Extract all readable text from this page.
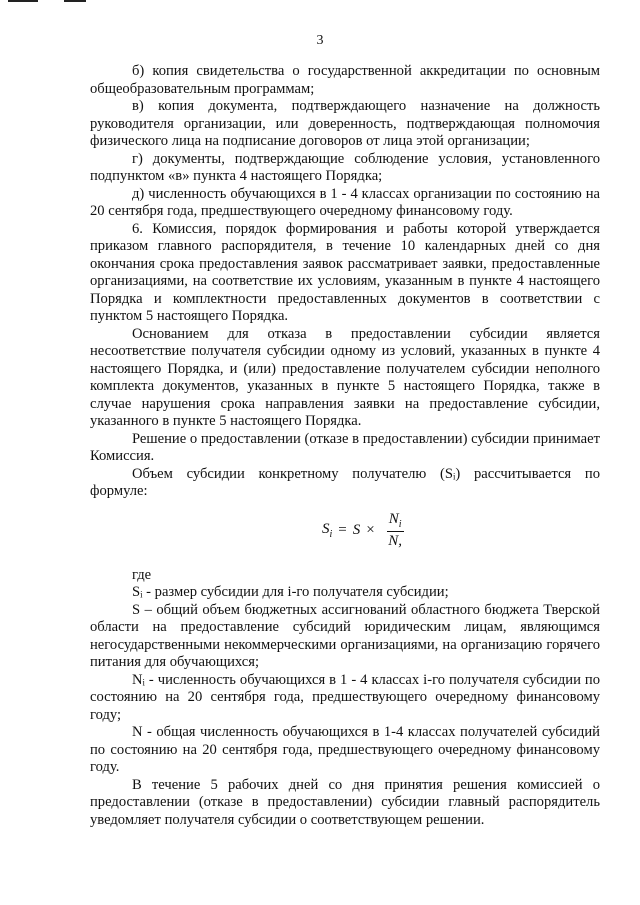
3

б) копия свидетельства о государственной аккредитации по основным общеобразовательным программам;

в) копия документа, подтверждающего назначение на должность руководителя организации, или доверенность, подтверждающая полномочия физического лица на подписание договоров от лица этой организации;

г) документы, подтверждающие соблюдение условия, установленного подпунктом «в» пункта 4 настоящего Порядка;

д) численность обучающихся в 1 - 4 классах организации по состоянию на 20 сентября года, предшествующего очередному финансовому году.

6. Комиссия, порядок формирования и работы которой утверждается приказом главного распорядителя, в течение 10 календарных дней со дня окончания срока предоставления заявок рассматривает заявки, предоставленные организациями, на соответствие их условиям, указанным в пункте 4 настоящего Порядка и комплектности предоставленных документов в соответствии с пунктом 5 настоящего Порядка.

Основанием для отказа в предоставлении субсидии является несоответствие получателя субсидии одному из условий, указанных в пункте 4 настоящего Порядка, и (или) предоставление получателем субсидии неполного комплекта документов, указанных в пункте 5 настоящего Порядка, также в случае нарушения срока направления заявки на предоставление субсидии, указанного в пункте 5 настоящего Порядка.

Решение о предоставлении (отказе в предоставлении) субсидии принимает Комиссия.

Объем субсидии конкретному получателю (Sᵢ) рассчитывается по формуле:

$S_i = S \times \frac{N_i}{N,}$

где

Sᵢ - размер субсидии для i-го получателя субсидии;

S – общий объем бюджетных ассигнований областного бюджета Тверской области на предоставление субсидий юридическим лицам, являющимся негосударственными некоммерческими организациями, на организацию горячего питания для обучающихся;

Nᵢ - численность обучающихся в 1 - 4 классах i-го получателя субсидии по состоянию на 20 сентября года, предшествующего очередному финансовому году;

N - общая численность обучающихся в 1-4 классах получателей субсидий по состоянию на 20 сентября года, предшествующего очередному финансовому году.

В течение 5 рабочих дней со дня принятия решения комиссией о предоставлении (отказе в предоставлении) субсидии главный распорядитель уведомляет получателя субсидии о соответствующем решении.
